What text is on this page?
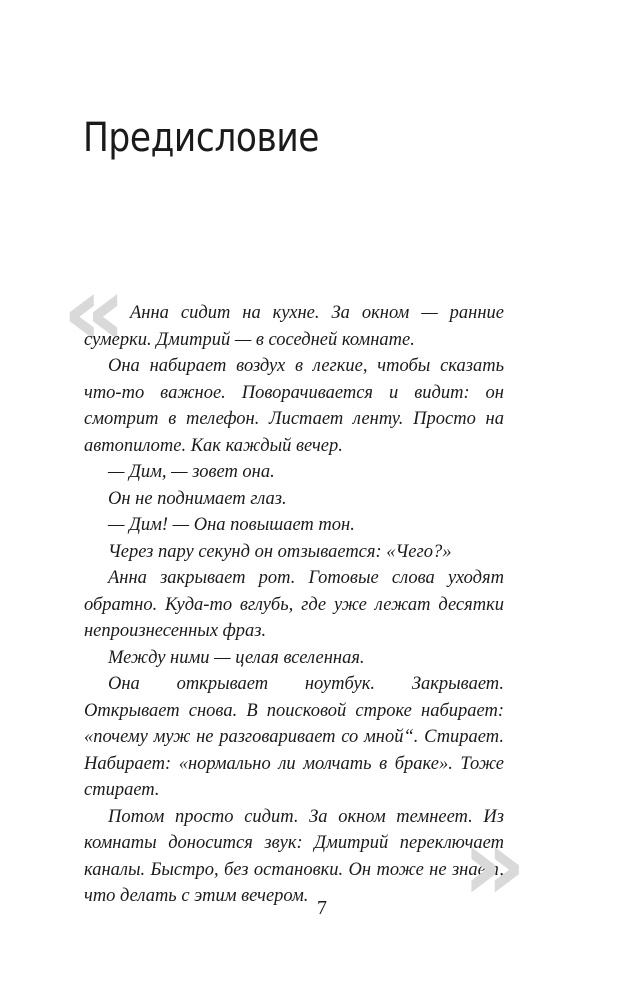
Предисловие
« Анна сидит на кухне. За окном — ранние сумерки. Дмитрий — в соседней комнате.

Она набирает воздух в легкие, чтобы сказать что-то важное. Поворачивается и видит: он смотрит в телефон. Листает ленту. Просто на автопилоте. Как каждый вечер.

— Дим, — зовет она.

Он не поднимает глаз.

— Дим! — Она повышает тон.

Через пару секунд он отзывается: «Чего?»

Анна закрывает рот. Готовые слова уходят обратно. Куда-то вглубь, где уже лежат десятки непроизнесенных фраз.

Между ними — целая вселенная.

Она открывает ноутбук. Закрывает. Открывает снова. В поисковой строке набирает: «почему муж не разговаривает со мной“. Стирает. Набирает: «нормально ли молчать в браке». Тоже стирает.

Потом просто сидит. За окном темнеет. Из комнаты доносится звук: Дмитрий переключает каналы. Быстро, без остановки. Он тоже не знает, что делать с этим вечером.	»
7
